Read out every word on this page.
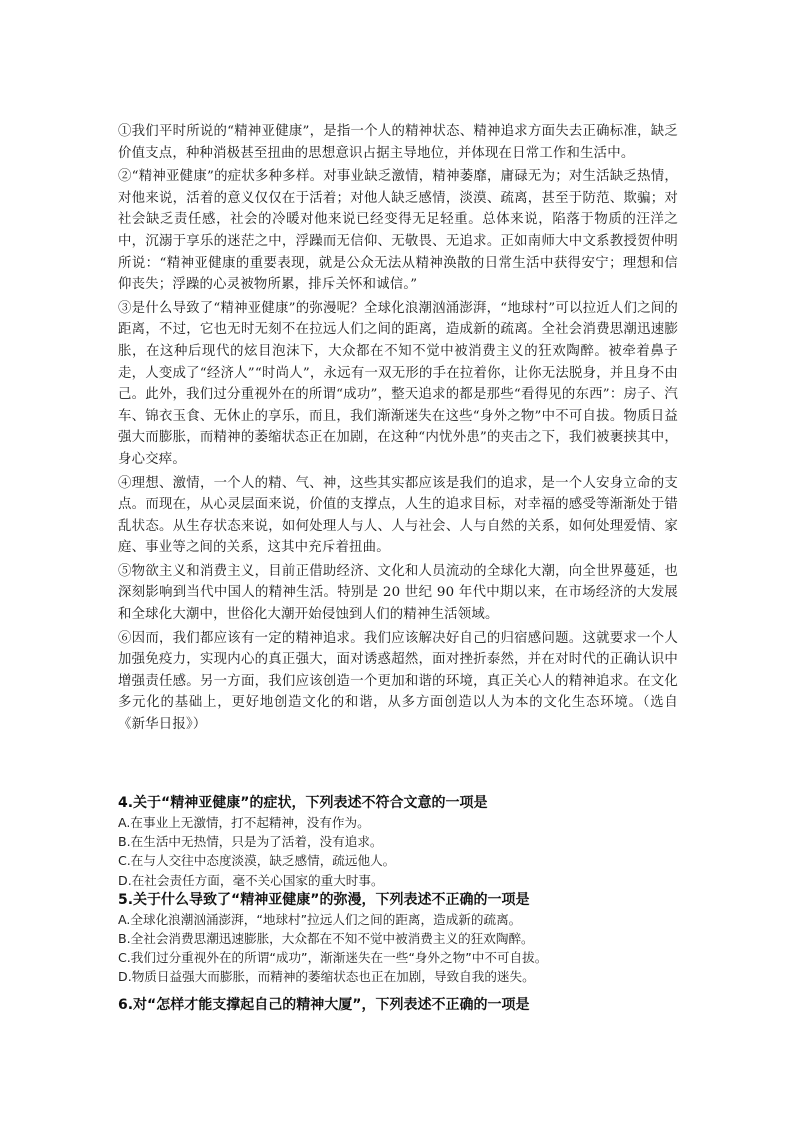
①我们平时所说的“精神亚健康”，是指一个人的精神状态、精神追求方面失去正确标准，缺乏价值支点，种种消极甚至扭曲的思想意识占据主导地位，并体现在日常工作和生活中。

②“精神亚健康”的症状多种多样。对事业缺乏激情，精神萎靡，庸碌无为；对生活缺乏热情，对他来说，活着的意义仅仅在于活着；对他人缺乏感情，淡漠、疏离，甚至于防范、欺骗；对社会缺乏责任感，社会的冷暖对他来说已经变得无足轻重。总体来说，陷落于物质的汪洋之中，沉溺于享乐的迷茫之中，浮躁而无信仰、无敬畏、无追求。正如南师大中文系教授贺仲明所说：“精神亚健康的重要表现，就是公众无法从精神涣散的日常生活中获得安宁；理想和信仰丧失；浮躁的心灵被物所累，排斥关怀和诚信。”

③是什么导致了“精神亚健康”的弥漫呢？全球化浪潮汹涌澎湃，“地球村”可以拉近人们之间的距离，不过，它也无时无刻不在拉远人们之间的距离，造成新的疏离。全社会消费思潮迅速膨胀，在这种后现代的炫目泡沫下，大众都在不知不觉中被消费主义的狂欢陶醉。被牵着鼻子走，人变成了“经济人”“时尚人”，永远有一双无形的手在拉着你，让你无法脱身，并且身不由己。此外，我们过分重视外在的所谓“成功”，整天追求的都是那些“看得见的东西”：房子、汽车、锦衣玉食、无休止的享乐，而且，我们渐渐迷失在这些“身外之物”中不可自拔。物质日益强大而膨胀，而精神的萎缩状态正在加剧，在这种“内忧外患”的夹击之下，我们被裹挟其中，身心交瘁。

④理想、激情，一个人的精、气、神，这些其实都应该是我们的追求，是一个人安身立命的支点。而现在，从心灵层面来说，价值的支撑点，人生的追求目标，对幸福的感受等渐渐处于错乱状态。从生存状态来说，如何处理人与人、人与社会、人与自然的关系，如何处理爱情、家庭、事业等之间的关系，这其中充斥着扭曲。

⑤物欲主义和消费主义，目前正借助经济、文化和人员流动的全球化大潮，向全世界蔓延，也深刻影响到当代中国人的精神生活。特别是 20 世纪 90 年代中期以来，在市场经济的大发展和全球化大潮中，世俗化大潮开始侵蚀到人们的精神生活领域。

⑥因而，我们都应该有一定的精神追求。我们应该解决好自己的归宿感问题。这就要求一个人加强免疫力，实现内心的真正强大，面对诱惑超然，面对挫折泰然，并在对时代的正确认识中增强责任感。另一方面，我们应该创造一个更加和谐的环境，真正关心人的精神追求。在文化多元化的基础上，更好地创造文化的和谐，从多方面创造以人为本的文化生态环境。（选自《新华日报》）

4.关于“精神亚健康”的症状，下列表述不符合文意的一项是

A.在事业上无激情，打不起精神，没有作为。

B.在生活中无热情，只是为了活着，没有追求。

C.在与人交往中态度淡漠，缺乏感情，疏远他人。

D.在社会责任方面，毫不关心国家的重大时事。

5.关于什么导致了“精神亚健康”的弥漫，下列表述不正确的一项是

A.全球化浪潮汹涌澎湃，“地球村”拉远人们之间的距离，造成新的疏离。

B.全社会消费思潮迅速膨胀，大众都在不知不觉中被消费主义的狂欢陶醉。

C.我们过分重视外在的所谓“成功”，渐渐迷失在一些“身外之物”中不可自拔。

D.物质日益强大而膨胀，而精神的萎缩状态也正在加剧，导致自我的迷失。

6.对“怎样才能支撑起自己的精神大厦”，下列表述不正确的一项是
